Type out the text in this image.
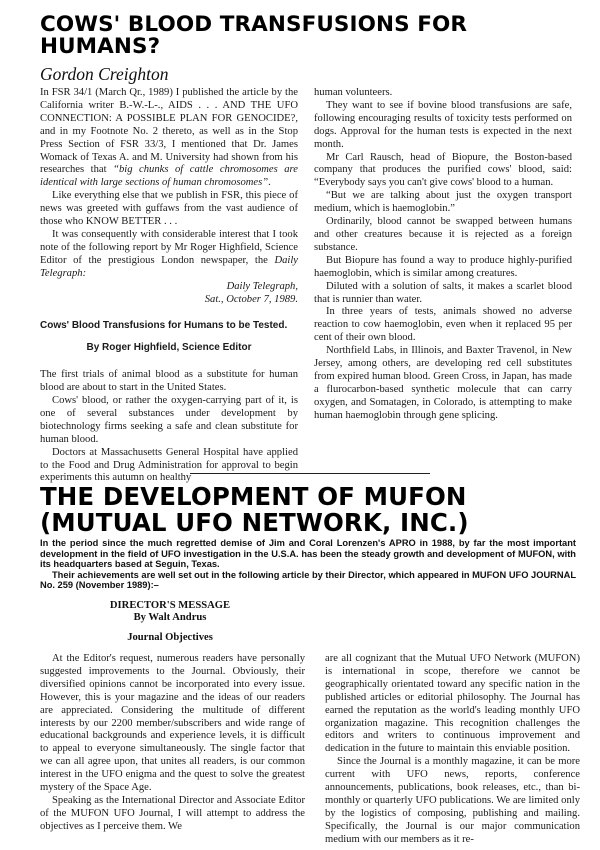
COWS' BLOOD TRANSFUSIONS FOR HUMANS?
Gordon Creighton

In FSR 34/1 (March Qr., 1989) I published the article by the California writer B.-W.-L-., AIDS . . . AND THE UFO CONNECTION: A POSSIBLE PLAN FOR GENOCIDE?, and in my Footnote No. 2 thereto, as well as in the Stop Press Section of FSR 33/3, I mentioned that Dr. James Womack of Texas A. and M. University had shown from his researches that “big chunks of cattle chromosomes are identical with large sections of human chromosomes”.

Like everything else that we publish in FSR, this piece of news was greeted with guffaws from the vast audience of those who KNOW BETTER . . .

It was consequently with considerable interest that I took note of the following report by Mr Roger Highfield, Science Editor of the prestigious London newspaper, the Daily Telegraph:

Daily Telegraph,

Sat., October 7, 1989.

Cows' Blood Transfusions for Humans to be Tested.

By Roger Highfield, Science Editor

The first trials of animal blood as a substitute for human blood are about to start in the United States.

Cows' blood, or rather the oxygen-carrying part of it, is one of several substances under development by biotechnology firms seeking a safe and clean substitute for human blood.

Doctors at Massachusetts General Hospital have applied to the Food and Drug Administration for approval to begin experiments this autumn on healthy

human volunteers.

They want to see if bovine blood transfusions are safe, following encouraging results of toxicity tests performed on dogs. Approval for the human tests is expected in the next month.

Mr Carl Rausch, head of Biopure, the Boston-based company that produces the purified cows' blood, said: “Everybody says you can't give cows' blood to a human.

“But we are talking about just the oxygen transport medium, which is haemoglobin.”

Ordinarily, blood cannot be swapped between humans and other creatures because it is rejected as a foreign substance.

But Biopure has found a way to produce highly-purified haemoglobin, which is similar among creatures.

Diluted with a solution of salts, it makes a scarlet blood that is runnier than water.

In three years of tests, animals showed no adverse reaction to cow haemoglobin, even when it replaced 95 per cent of their own blood.

Northfield Labs, in Illinois, and Baxter Travenol, in New Jersey, among others, are developing red cell substitutes from expired human blood. Green Cross, in Japan, has made a flurocarbon-based synthetic molecule that can carry oxygen, and Somatagen, in Colorado, is attempting to make human haemoglobin through gene splicing.

THE DEVELOPMENT OF MUFON (MUTUAL UFO NETWORK, INC.)

In the period since the much regretted demise of Jim and Coral Lorenzen's APRO in 1988, by far the most important development in the field of UFO investigation in the U.S.A. has been the steady growth and development of MUFON, with its headquarters based at Seguin, Texas.

Their achievements are well set out in the following article by their Director, which appeared in MUFON UFO JOURNAL No. 259 (November 1989):–

DIRECTOR'S MESSAGE
By Walt Andrus
Journal Objectives

At the Editor's request, numerous readers have personally suggested improvements to the Journal. Obviously, their diversified opinions cannot be incorporated into every issue. However, this is your magazine and the ideas of our readers are appreciated. Considering the multitude of different interests by our 2200 member/subscribers and wide range of educational backgrounds and experience levels, it is difficult to appeal to everyone simultaneously. The single factor that we can all agree upon, that unites all readers, is our common interest in the UFO enigma and the quest to solve the greatest mystery of the Space Age.

Speaking as the International Director and Associate Editor of the MUFON UFO Journal, I will attempt to address the objectives as I perceive them. We

are all cognizant that the Mutual UFO Network (MUFON) is international in scope, therefore we cannot be geographically orientated toward any specific nation in the published articles or editorial philosophy. The Journal has earned the reputation as the world's leading monthly UFO organization magazine. This recognition challenges the editors and writers to continuous improvement and dedication in the future to maintain this enviable position.

Since the Journal is a monthly magazine, it can be more current with UFO news, reports, conference announcements, publications, book releases, etc., than bi-monthly or quarterly UFO publications. We are limited only by the logistics of composing, publishing and mailing. Specifically, the Journal is our major communication medium with our members as it re-
